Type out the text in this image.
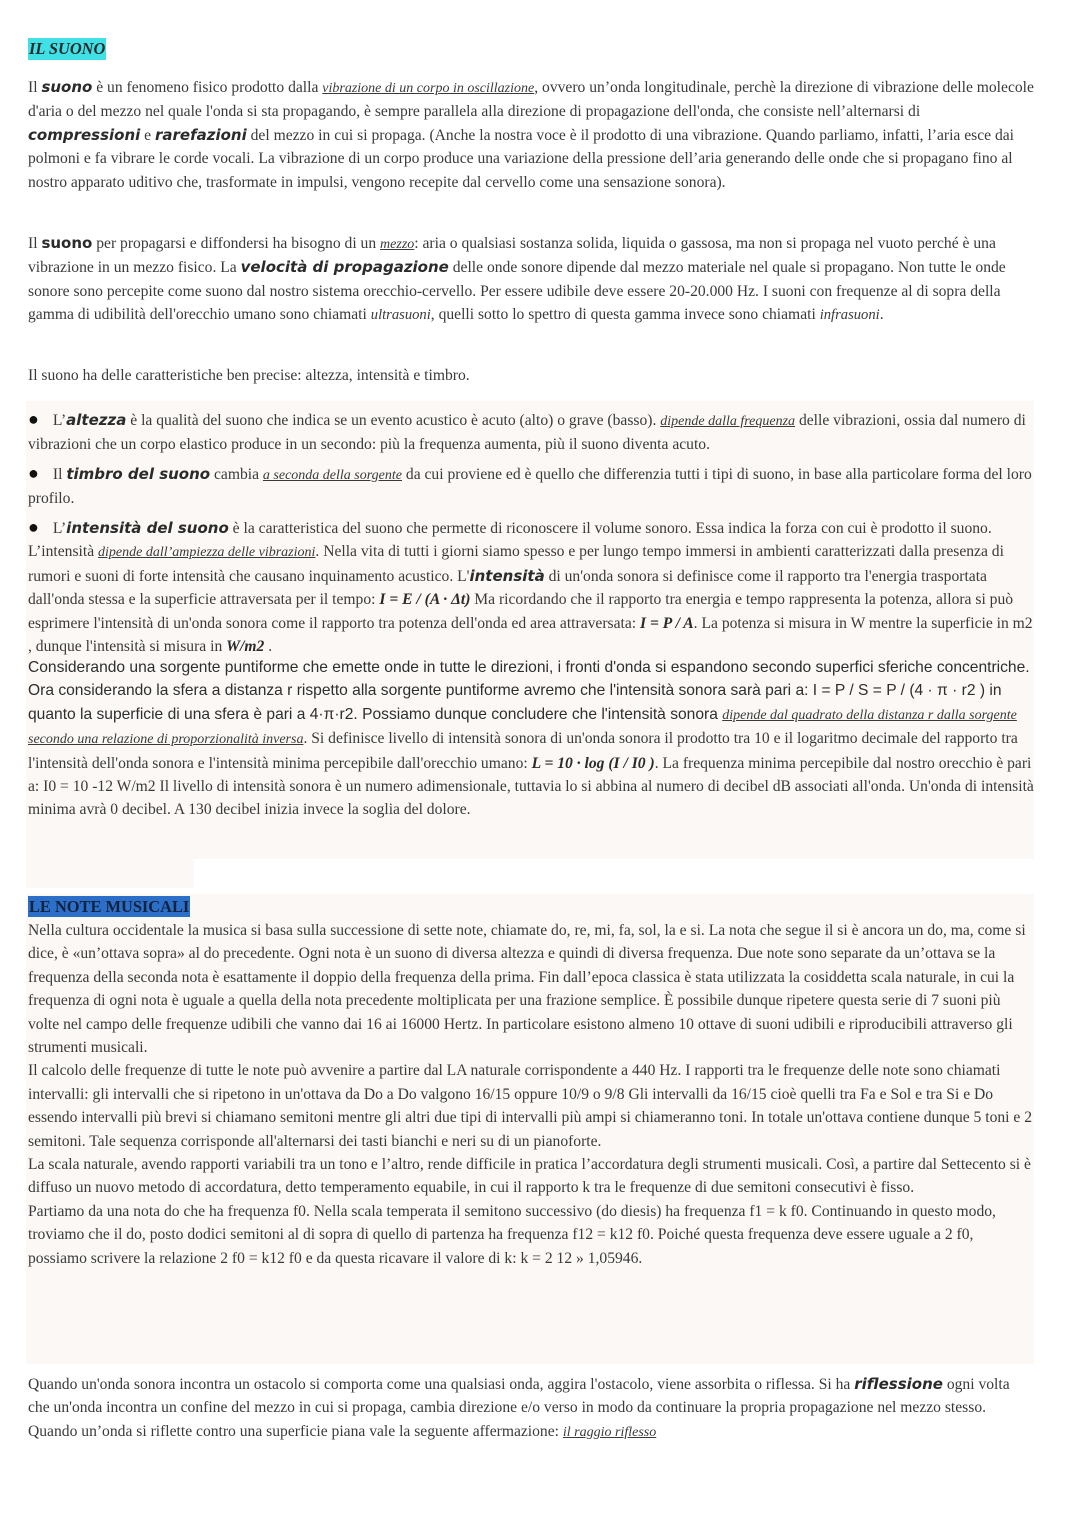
IL SUONO

Il suono è un fenomeno fisico prodotto dalla vibrazione di un corpo in oscillazione, ovvero un’onda longitudinale, perchè la direzione di vibrazione delle molecole d'aria o del mezzo nel quale l'onda si sta propagando, è sempre parallela alla direzione di propagazione dell'onda, che consiste nell’alternarsi di compressioni e rarefazioni del mezzo in cui si propaga. (Anche la nostra voce è il prodotto di una vibrazione. Quando parliamo, infatti, l’aria esce dai polmoni e fa vibrare le corde vocali. La vibrazione di un corpo produce una variazione della pressione dell’aria generando delle onde che si propagano fino al nostro apparato uditivo che, trasformate in impulsi, vengono recepite dal cervello come una sensazione sonora).

Il suono per propagarsi e diffondersi ha bisogno di un mezzo: aria o qualsiasi sostanza solida, liquida o gassosa, ma non si propaga nel vuoto perché è una vibrazione in un mezzo fisico. La velocità di propagazione delle onde sonore dipende dal mezzo materiale nel quale si propagano. Non tutte le onde sonore sono percepite come suono dal nostro sistema orecchio-cervello. Per essere udibile deve essere 20-20.000 Hz. I suoni con frequenze al di sopra della gamma di udibilità dell'orecchio umano sono chiamati ultrasuoni, quelli sotto lo spettro di questa gamma invece sono chiamati infrasuoni.

Il suono ha delle caratteristiche ben precise: altezza, intensità e timbro.

● L’altezza è la qualità del suono che indica se un evento acustico è acuto (alto) o grave (basso). dipende dalla frequenza delle vibrazioni, ossia dal numero di vibrazioni che un corpo elastico produce in un secondo: più la frequenza aumenta, più il suono diventa acuto.

● Il timbro del suono cambia a seconda della sorgente da cui proviene ed è quello che differenzia tutti i tipi di suono, in base alla particolare forma del loro profilo.

● L’intensità del suono è la caratteristica del suono che permette di riconoscere il volume sonoro. Essa indica la forza con cui è prodotto il suono. L’intensità dipende dall’ampiezza delle vibrazioni. Nella vita di tutti i giorni siamo spesso e per lungo tempo immersi in ambienti caratterizzati dalla presenza di rumori e suoni di forte intensità che causano inquinamento acustico. L'intensità di un'onda sonora si definisce come il rapporto tra l'energia trasportata dall'onda stessa e la superficie attraversata per il tempo: I = E / (A · Δt) Ma ricordando che il rapporto tra energia e tempo rappresenta la potenza, allora si può esprimere l'intensità di un'onda sonora come il rapporto tra potenza dell'onda ed area attraversata: I = P / A. La potenza si misura in W mentre la superficie in m2 , dunque l'intensità si misura in W/m2 .

Considerando una sorgente puntiforme che emette onde in tutte le direzioni, i fronti d'onda si espandono secondo superfici sferiche concentriche. Ora considerando la sfera a distanza r rispetto alla sorgente puntiforme avremo che l'intensità sonora sarà pari a: I = P / S = P / (4 · π · r2 ) in quanto la superficie di una sfera è pari a 4·π·r2. Possiamo dunque concludere che l'intensità sonora dipende dal quadrato della distanza r dalla sorgente secondo una relazione di proporzionalità inversa. Si definisce livello di intensità sonora di un'onda sonora il prodotto tra 10 e il logaritmo decimale del rapporto tra l'intensità dell'onda sonora e l'intensità minima percepibile dall'orecchio umano: L = 10 · log (I / I0 ). La frequenza minima percepibile dal nostro orecchio è pari a: I0 = 10 -12 W/m2 Il livello di intensità sonora è un numero adimensionale, tuttavia lo si abbina al numero di decibel dB associati all'onda. Un'onda di intensità minima avrà 0 decibel. A 130 decibel inizia invece la soglia del dolore.

LE NOTE MUSICALI

Nella cultura occidentale la musica si basa sulla successione di sette note, chiamate do, re, mi, fa, sol, la e si. La nota che segue il si è ancora un do, ma, come si dice, è «un’ottava sopra» al do precedente. Ogni nota è un suono di diversa altezza e quindi di diversa frequenza. Due note sono separate da un’ottava se la frequenza della seconda nota è esattamente il doppio della frequenza della prima. Fin dall’epoca classica è stata utilizzata la cosiddetta scala naturale, in cui la frequenza di ogni nota è uguale a quella della nota precedente moltiplicata per una frazione semplice. È possibile dunque ripetere questa serie di 7 suoni più volte nel campo delle frequenze udibili che vanno dai 16 ai 16000 Hertz. In particolare esistono almeno 10 ottave di suoni udibili e riproducibili attraverso gli strumenti musicali.

Il calcolo delle frequenze di tutte le note può avvenire a partire dal LA naturale corrispondente a 440 Hz. I rapporti tra le frequenze delle note sono chiamati intervalli: gli intervalli che si ripetono in un'ottava da Do a Do valgono 16/15 oppure 10/9 o 9/8 Gli intervalli da 16/15 cioè quelli tra Fa e Sol e tra Si e Do essendo intervalli più brevi si chiamano semitoni mentre gli altri due tipi di intervalli più ampi si chiameranno toni. In totale un'ottava contiene dunque 5 toni e 2 semitoni. Tale sequenza corrisponde all'alternarsi dei tasti bianchi e neri su di un pianoforte.

La scala naturale, avendo rapporti variabili tra un tono e l’altro, rende difficile in pratica l’accordatura degli strumenti musicali. Così, a partire dal Settecento si è diffuso un nuovo metodo di accordatura, detto temperamento equabile, in cui il rapporto k tra le frequenze di due semitoni consecutivi è fisso.

Partiamo da una nota do che ha frequenza f0. Nella scala temperata il semitono successivo (do diesis) ha frequenza f1 = k f0. Continuando in questo modo, troviamo che il do, posto dodici semitoni al di sopra di quello di partenza ha frequenza f12 = k12 f0. Poiché questa frequenza deve essere uguale a 2 f0, possiamo scrivere la relazione 2 f0 = k12 f0 e da questa ricavare il valore di k: k = 2 12 » 1,05946.

Quando un'onda sonora incontra un ostacolo si comporta come una qualsiasi onda, aggira l'ostacolo, viene assorbita o riflessa. Si ha riflessione ogni volta che un'onda incontra un confine del mezzo in cui si propaga, cambia direzione e/o verso in modo da continuare la propria propagazione nel mezzo stesso. Quando un’onda si riflette contro una superficie piana vale la seguente affermazione: il raggio riflesso
